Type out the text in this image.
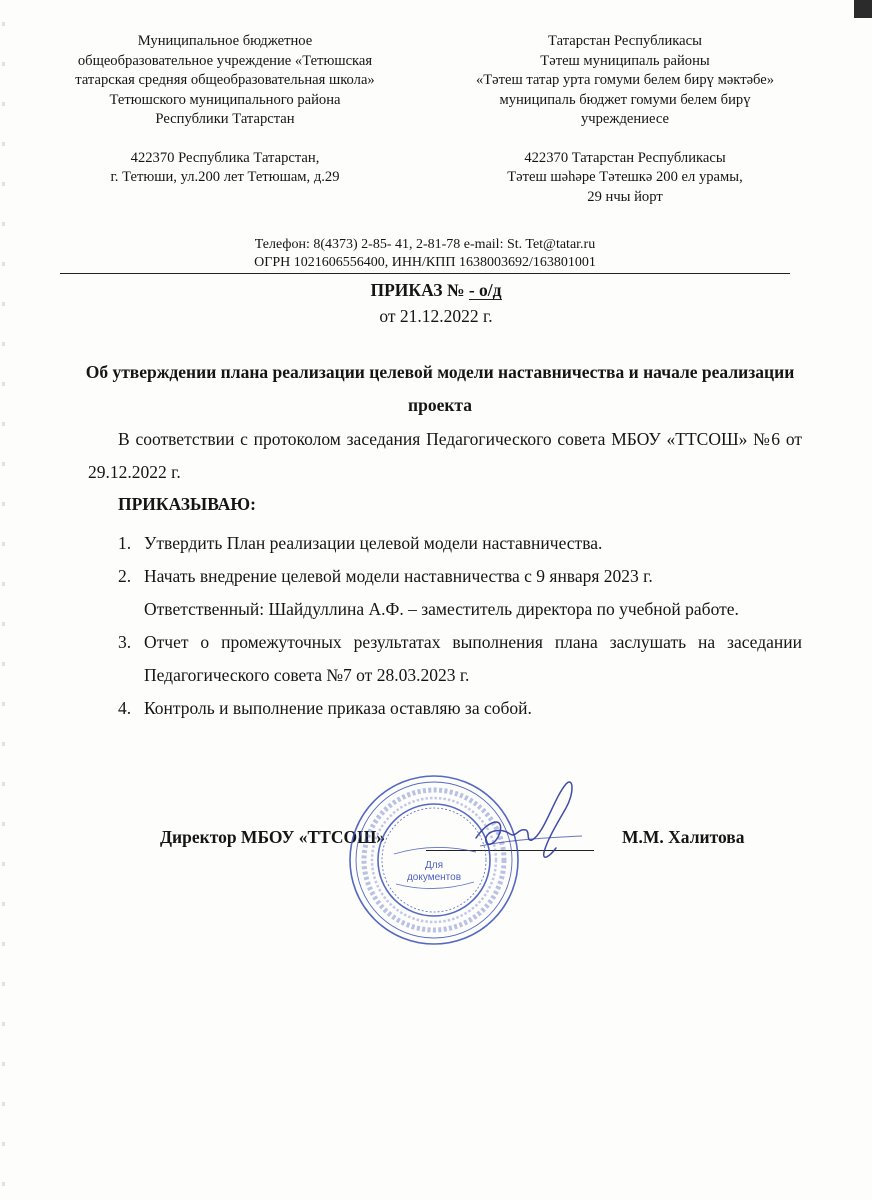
Муниципальное бюджетное
общеобразовательное учреждение «Тетюшская
татарская средняя общеобразовательная школа»
Тетюшского муниципального района
Республики Татарстан
422370 Республика Татарстан,
г. Тетюши, ул.200 лет Тетюшам, д.29
Татарстан Республикасы
Тәтеш муниципаль районы
«Тәтеш татар урта гомуми белем бирү мәктәбе»
муниципаль бюджет гомуми белем бирү
учреждениесе
422370 Татарстан Республикасы
Тәтеш шәһәре Тәтешкә 200 ел урамы,
29 нчы йорт
Телефон: 8(4373) 2-85- 41, 2-81-78 e-mail: St. Tet@tatar.ru
ОГРН 1021606556400, ИНН/КПП 1638003692/163801001
ПРИКАЗ № - о/д
от 21.12.2022 г.
Об утверждении плана реализации целевой модели наставничества и начале реализации проекта
В соответствии с протоколом заседания Педагогического совета МБОУ «ТТСОШ» №6 от 29.12.2022 г.
ПРИКАЗЫВАЮ:
1. Утвердить План реализации целевой модели наставничества.
2. Начать внедрение целевой модели наставничества с 9 января 2023 г.
Ответственный: Шайдуллина А.Ф. – заместитель директора по учебной работе.
3. Отчет о промежуточных результатах выполнения плана заслушать на заседании Педагогического совета №7 от 28.03.2023 г.
4. Контроль и выполнение приказа оставляю за собой.
Директор МБОУ «ТТСОШ»	М.М. Халитова
Для
документов
